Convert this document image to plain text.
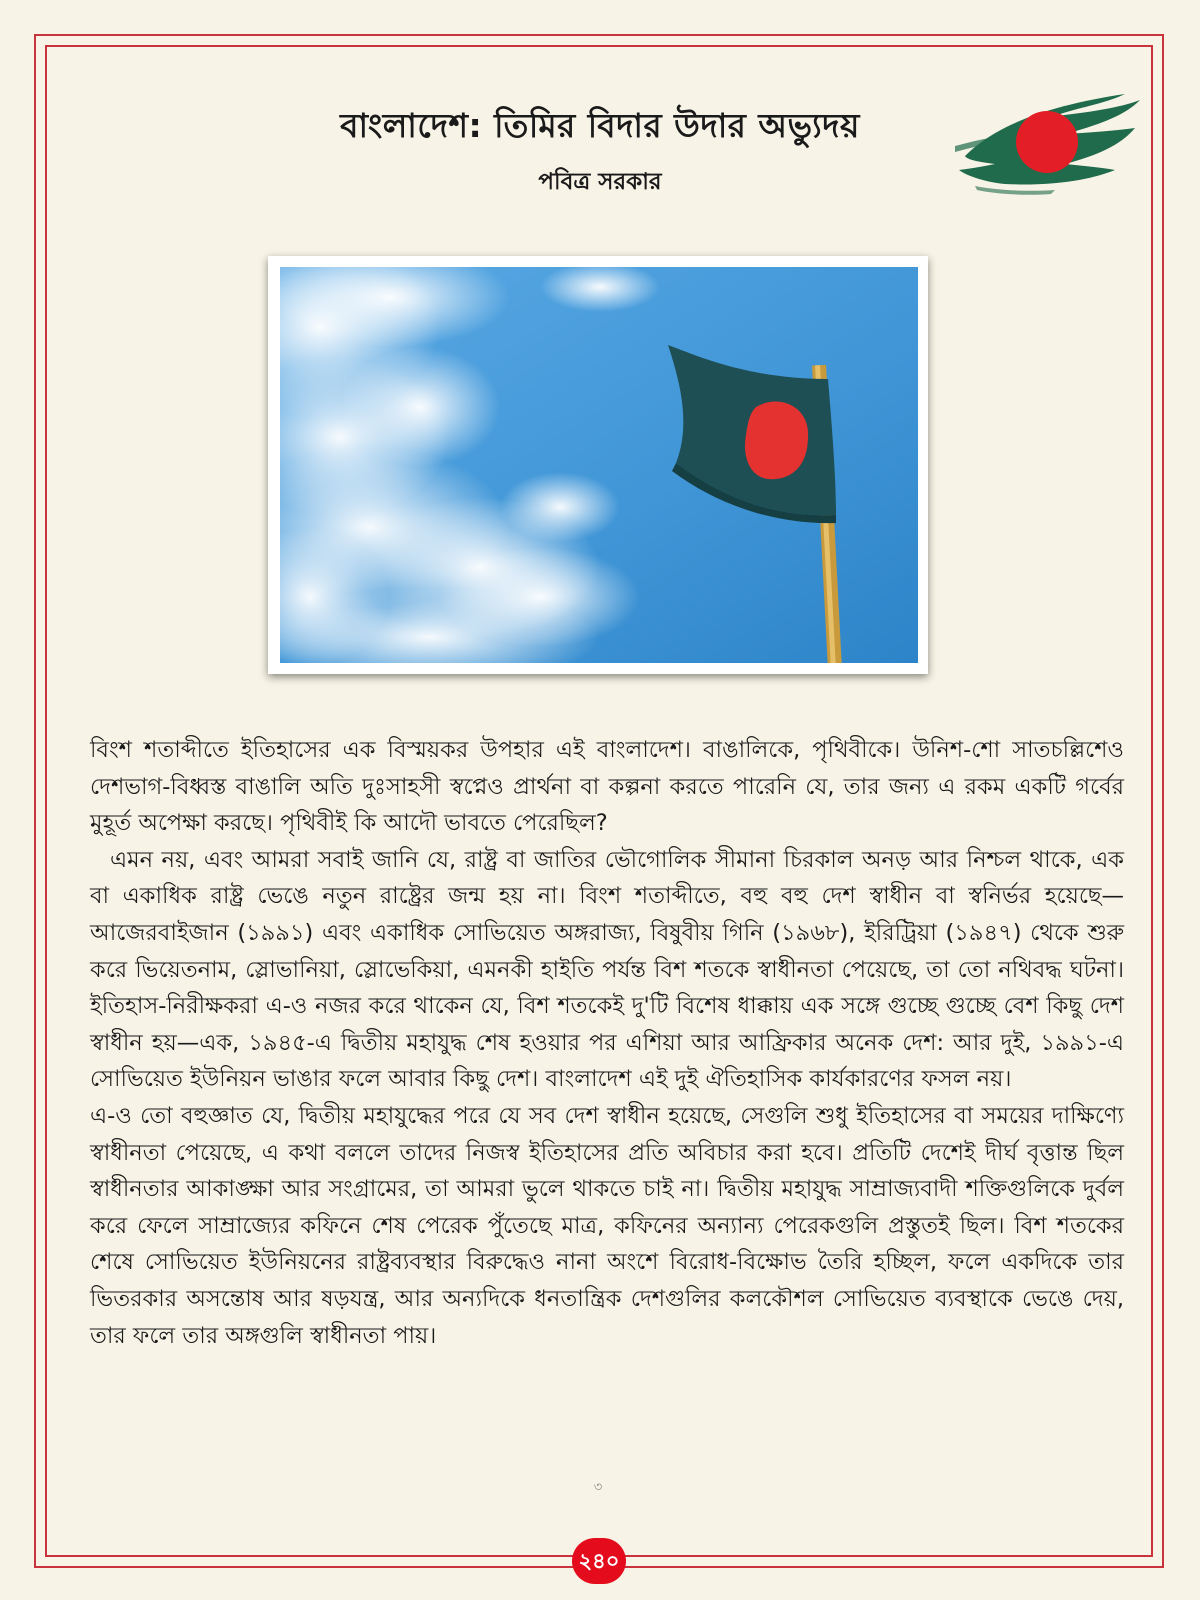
বাংলাদেশ: তিমির বিদার উদার অভ্যুদয়
পবিত্র সরকার

বিংশ শতাব্দীতে ইতিহাসের এক বিস্ময়কর উপহার এই বাংলাদেশ। বাঙালিকে, পৃথিবীকে। উনিশ-শো সাতচল্লিশেও দেশভাগ-বিধ্বস্ত বাঙালি অতি দুঃসাহসী স্বপ্নেও প্রার্থনা বা কল্পনা করতে পারেনি যে, তার জন্য এ রকম একটি গর্বের মুহূর্ত অপেক্ষা করছে। পৃথিবীই কি আদৌ ভাবতে পেরেছিল?

এমন নয়, এবং আমরা সবাই জানি যে, রাষ্ট্র বা জাতির ভৌগোলিক সীমানা চিরকাল অনড় আর নিশ্চল থাকে, এক বা একাধিক রাষ্ট্র ভেঙে নতুন রাষ্ট্রের জন্ম হয় না। বিংশ শতাব্দীতে, বহু বহু দেশ স্বাধীন বা স্বনির্ভর হয়েছে—আজেরবাইজান (১৯৯১) এবং একাধিক সোভিয়েত অঙ্গরাজ্য, বিষুবীয় গিনি (১৯৬৮), ইরিট্রিয়া (১৯৪৭) থেকে শুরু করে ভিয়েতনাম, স্লোভানিয়া, স্লোভেকিয়া, এমনকী হাইতি পর্যন্ত বিশ শতকে স্বাধীনতা পেয়েছে, তা তো নথিবদ্ধ ঘটনা। ইতিহাস-নিরীক্ষকরা এ-ও নজর করে থাকেন যে, বিশ শতকেই দু'টি বিশেষ ধাক্কায় এক সঙ্গে গুচ্ছে গুচ্ছে বেশ কিছু দেশ স্বাধীন হয়—এক, ১৯৪৫-এ দ্বিতীয় মহাযুদ্ধ শেষ হওয়ার পর এশিয়া আর আফ্রিকার অনেক দেশ: আর দুই, ১৯৯১-এ সোভিয়েত ইউনিয়ন ভাঙার ফলে আবার কিছু দেশ। বাংলাদেশ এই দুই ঐতিহাসিক কার্যকারণের ফসল নয়।

এ-ও তো বহুজ্ঞাত যে, দ্বিতীয় মহাযুদ্ধের পরে যে সব দেশ স্বাধীন হয়েছে, সেগুলি শুধু ইতিহাসের বা সময়ের দাক্ষিণ্যে স্বাধীনতা পেয়েছে, এ কথা বললে তাদের নিজস্ব ইতিহাসের প্রতি অবিচার করা হবে। প্রতিটি দেশেই দীর্ঘ বৃত্তান্ত ছিল স্বাধীনতার আকাঙ্ক্ষা আর সংগ্রামের, তা আমরা ভুলে থাকতে চাই না। দ্বিতীয় মহাযুদ্ধ সাম্রাজ্যবাদী শক্তিগুলিকে দুর্বল করে ফেলে সাম্রাজ্যের কফিনে শেষ পেরেক পুঁতেছে মাত্র, কফিনের অন্যান্য পেরেকগুলি প্রস্তুতই ছিল। বিশ শতকের শেষে সোভিয়েত ইউনিয়নের রাষ্ট্রব্যবস্থার বিরুদ্ধেও নানা অংশে বিরোধ-বিক্ষোভ তৈরি হচ্ছিল, ফলে একদিকে তার ভিতরকার অসন্তোষ আর ষড়যন্ত্র, আর অন্যদিকে ধনতান্ত্রিক দেশগুলির কলকৌশল সোভিয়েত ব্যবস্থাকে ভেঙে দেয়, তার ফলে তার অঙ্গগুলি স্বাধীনতা পায়।

৩
২৪০
